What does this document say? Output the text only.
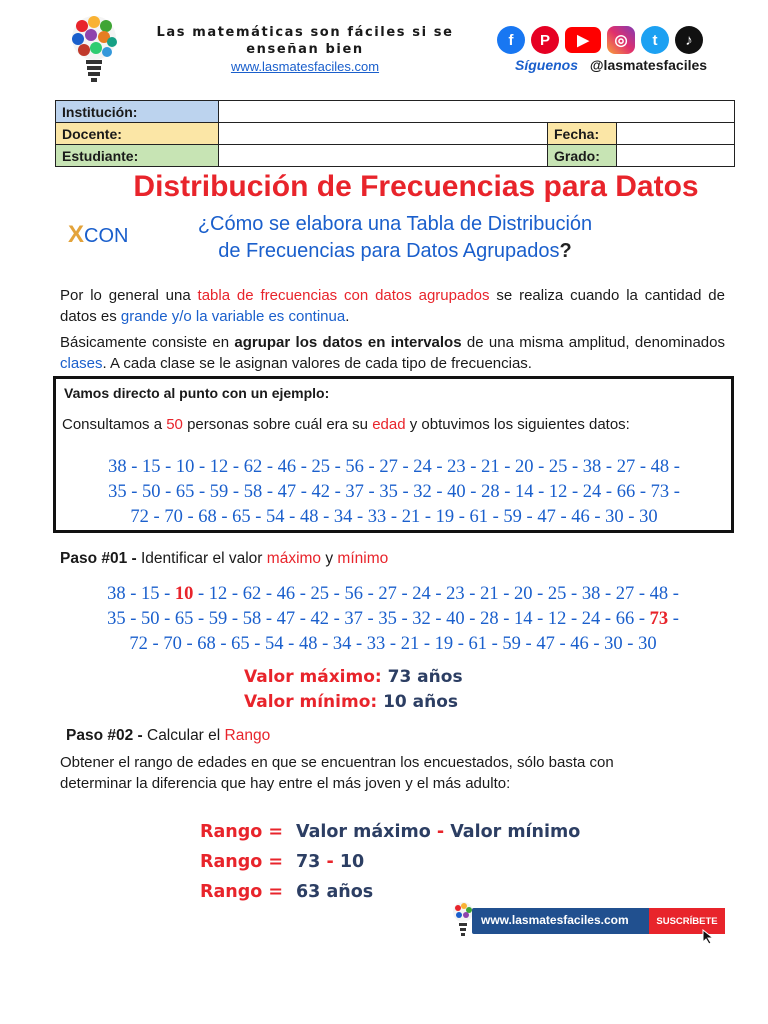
Las matemáticas son fáciles si se
enseñan bien
www.lasmatesfaciles.com
f	P	▶	◎	t	♪
Síguenos @lasmatesfaciles
Institución:			
Docente:		Fecha:	
Estudiante:		Grado:	
Distribución de Frecuencias para Datos
XCON
¿Cómo se elabora una Tabla de Distribución
de Frecuencias para Datos Agrupados?
Por lo general una tabla de frecuencias con datos agrupados se realiza cuando la cantidad de datos es grande y/o la variable es continua.
Básicamente consiste en agrupar los datos en intervalos de una misma amplitud, denominados clases. A cada clase se le asignan valores de cada tipo de frecuencias.
Vamos directo al punto con un ejemplo:
Consultamos a 50 personas sobre cuál era su edad y obtuvimos los siguientes datos:
38 - 15 - 10 - 12 - 62 - 46 - 25 - 56 - 27 - 24 - 23 - 21 - 20 - 25 - 38 - 27 - 48 -
35 - 50 - 65 - 59 - 58 - 47 - 42 - 37 - 35 - 32 - 40 - 28 - 14 - 12 - 24 - 66 - 73 -
72 - 70 - 68 - 65 - 54 - 48 - 34 - 33 - 21 - 19 - 61 - 59 - 47 - 46 - 30 - 30
Paso #01 - Identificar el valor máximo y mínimo
38 - 15 - 10 - 12 - 62 - 46 - 25 - 56 - 27 - 24 - 23 - 21 - 20 - 25 - 38 - 27 - 48 -
35 - 50 - 65 - 59 - 58 - 47 - 42 - 37 - 35 - 32 - 40 - 28 - 14 - 12 - 24 - 66 - 73 -
72 - 70 - 68 - 65 - 54 - 48 - 34 - 33 - 21 - 19 - 61 - 59 - 47 - 46 - 30 - 30
Valor máximo: 73 años
Valor mínimo: 10 años
Paso #02 - Calcular el Rango
Obtener el rango de edades en que se encuentran los encuestados, sólo basta con
determinar la diferencia que hay entre el más joven y el más adulto:
Rango = Valor máximo - Valor mínimo
Rango = 73 - 10
Rango = 63 años
www.lasmatesfaciles.com	SUSCRÍBETE
